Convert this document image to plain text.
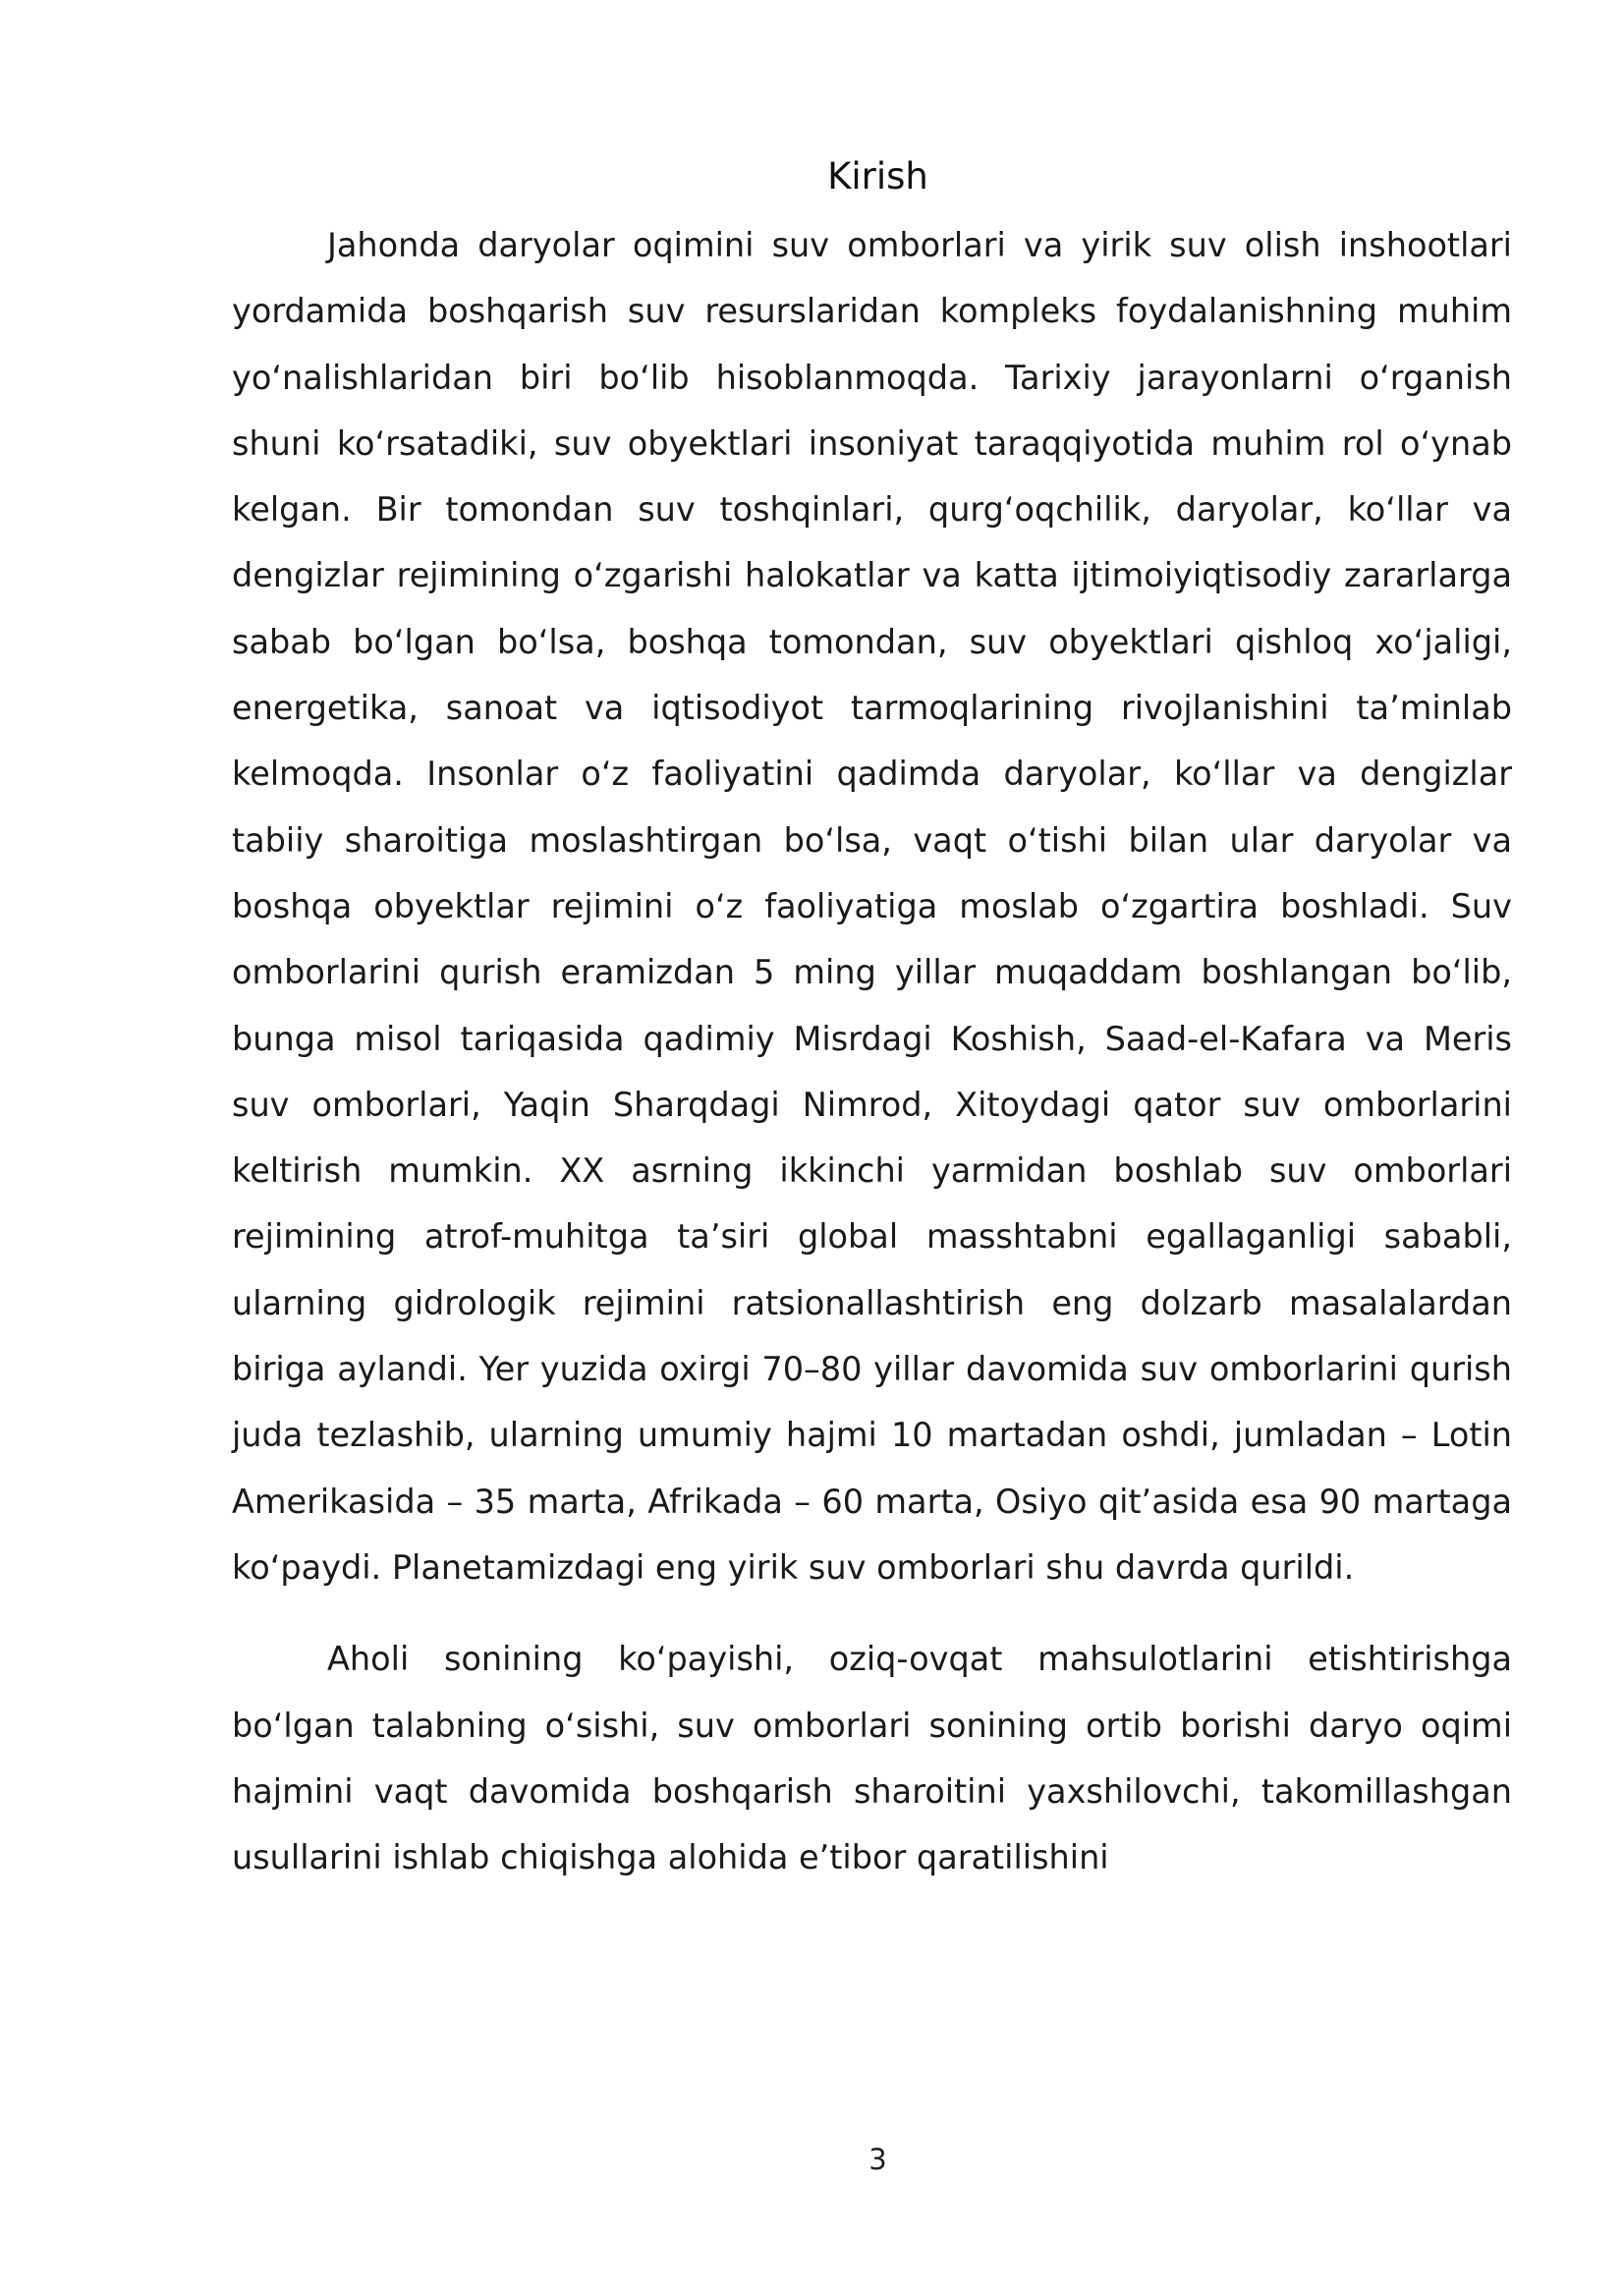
Kirish

Jahonda daryolar oqimini suv omborlari va yirik suv olish inshootlari yordamida boshqarish suv resurslaridan kompleks foydalanishning muhim yo‘nalishlaridan biri bo‘lib hisoblanmoqda. Tarixiy jarayonlarni o‘rganish shuni ko‘rsatadiki, suv obyektlari insoniyat taraqqiyotida muhim rol o‘ynab kelgan. Bir tomondan suv toshqinlari, qurg‘oqchilik, daryolar, ko‘llar va dengizlar rejimining o‘zgarishi halokatlar va katta ijtimoiyiqtisodiy zararlarga sabab bo‘lgan bo‘lsa, boshqa tomondan, suv obyektlari qishloq xo‘jaligi, energetika, sanoat va iqtisodiyot tarmoqlarining rivojlanishini ta’minlab kelmoqda. Insonlar o‘z faoliyatini qadimda daryolar, ko‘llar va dengizlar tabiiy sharoitiga moslashtirgan bo‘lsa, vaqt o‘tishi bilan ular daryolar va boshqa obyektlar rejimini o‘z faoliyatiga moslab o‘zgartira boshladi. Suv omborlarini qurish eramizdan 5 ming yillar muqaddam boshlangan bo‘lib, bunga misol tariqasida qadimiy Misrdagi Koshish, Saad-el-Kafara va Meris suv omborlari, Yaqin Sharqdagi Nimrod, Xitoydagi qator suv omborlarini keltirish mumkin. XX asrning ikkinchi yarmidan boshlab suv omborlari rejimining atrof-muhitga ta’siri global masshtabni egallaganligi sababli, ularning gidrologik rejimini ratsionallashtirish eng dolzarb masalalardan biriga aylandi. Yer yuzida oxirgi 70–80 yillar davomida suv omborlarini qurish juda tezlashib, ularning umumiy hajmi 10 martadan oshdi, jumladan – Lotin Amerikasida – 35 marta, Afrikada – 60 marta, Osiyo qit’asida esa 90 martaga ko‘paydi. Planetamizdagi eng yirik suv omborlari shu davrda qurildi.

Aholi sonining ko‘payishi, oziq-ovqat mahsulotlarini etishtirishga bo‘lgan talabning o‘sishi, suv omborlari sonining ortib borishi daryo oqimi hajmini vaqt davomida boshqarish sharoitini yaxshilovchi, takomillashgan usullarini ishlab chiqishga alohida e’tibor qaratilishini

3
